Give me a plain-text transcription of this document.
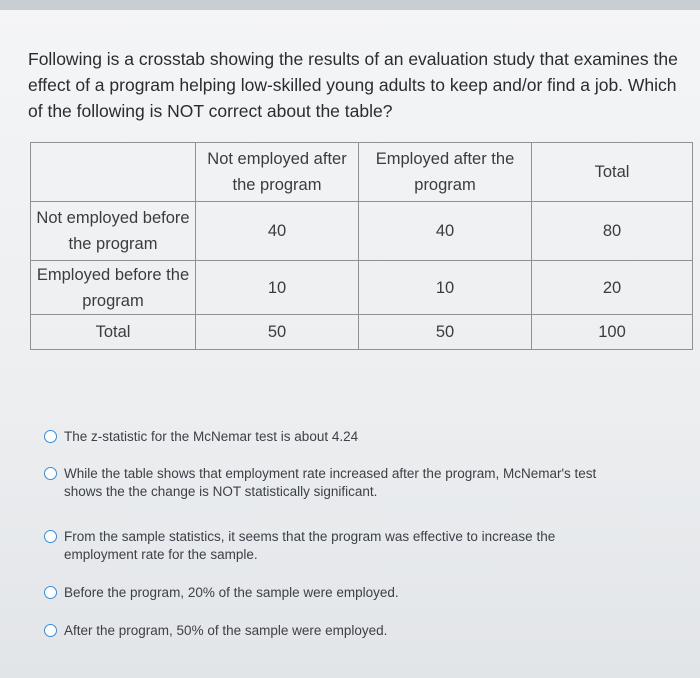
Following is a crosstab showing the results of an evaluation study that examines the effect of a program helping low-skilled young adults to keep and/or find a job. Which of the following is NOT correct about the table?
	Not employed after the program	Employed after the program	Total
Not employed before the program	40	40	80
Employed before the program	10	10	20
Total	50	50	100
The z-statistic for the McNemar test is about 4.24
While the table shows that employment rate increased after the program, McNemar's test shows the the change is NOT statistically significant.
From the sample statistics, it seems that the program was effective to increase the employment rate for the sample.
Before the program, 20% of the sample were employed.
After the program, 50% of the sample were employed.
